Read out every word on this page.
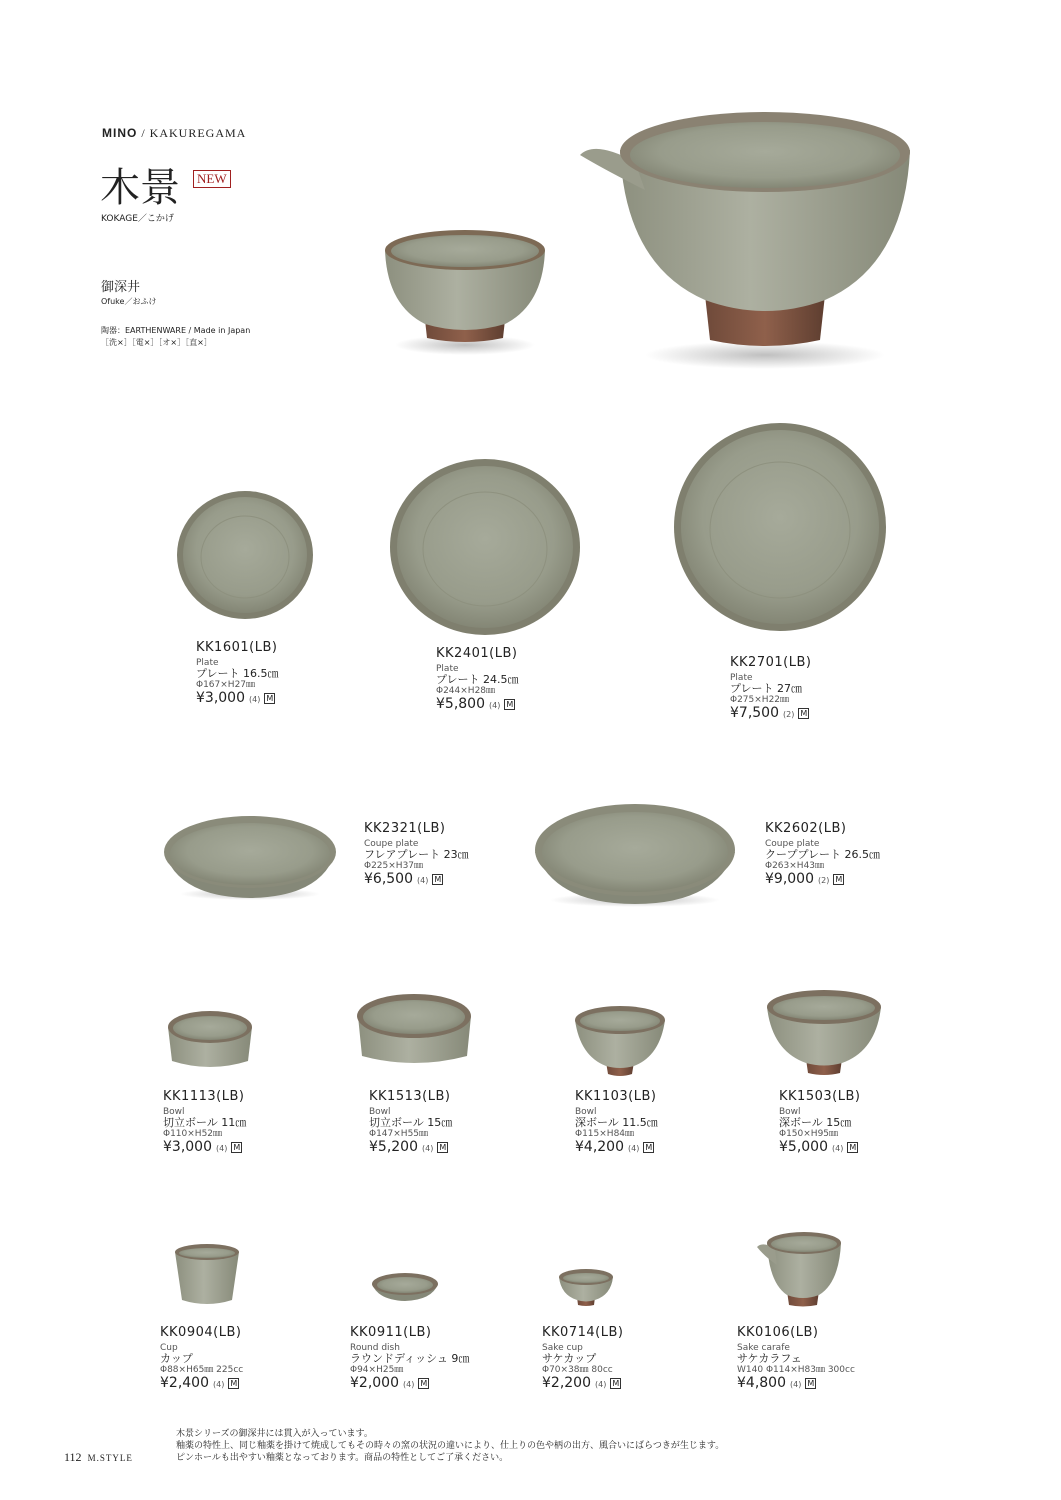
MINO / KAKUREGAMA
木景	NEW
KOKAGE／こかげ
御深井
Ofuke／おふけ
陶器：EARTHENWARE / Made in Japan
［洗×］［電×］［オ×］［直×］
KK1601(LB)
Plate
プレート 16.5㎝
Φ167×H27㎜
¥3,000 (4) M
KK2401(LB)
Plate
プレート 24.5㎝
Φ244×H28㎜
¥5,800 (4) M
KK2701(LB)
Plate
プレート 27㎝
Φ275×H22㎜
¥7,500 (2) M
KK2321(LB)
Coupe plate
フレアプレート 23㎝
Φ225×H37㎜
¥6,500 (4) M
KK2602(LB)
Coupe plate
クーププレート 26.5㎝
Φ263×H43㎜
¥9,000 (2) M
KK1113(LB)
Bowl
切立ボール 11㎝
Φ110×H52㎜
¥3,000 (4) M
KK1513(LB)
Bowl
切立ボール 15㎝
Φ147×H55㎜
¥5,200 (4) M
KK1103(LB)
Bowl
深ボール 11.5㎝
Φ115×H84㎜
¥4,200 (4) M
KK1503(LB)
Bowl
深ボール 15㎝
Φ150×H95㎜
¥5,000 (4) M
KK0904(LB)
Cup
カップ
Φ88×H65㎜ 225cc
¥2,400 (4) M
KK0911(LB)
Round dish
ラウンドディッシュ 9㎝
Φ94×H25㎜
¥2,000 (4) M
KK0714(LB)
Sake cup
サケカップ
Φ70×38㎜ 80cc
¥2,200 (4) M
KK0106(LB)
Sake carafe
サケカラフェ
W140 Φ114×H83㎜ 300cc
¥4,800 (4) M
木景シリーズの御深井には貫入が入っています。
釉薬の特性上、同じ釉薬を掛けて焼成してもその時々の窯の状況の違いにより、仕上りの色や柄の出方、風合いにばらつきが生じます。
ピンホールも出やすい釉薬となっております。商品の特性としてご了承ください。
112 M.STYLE
